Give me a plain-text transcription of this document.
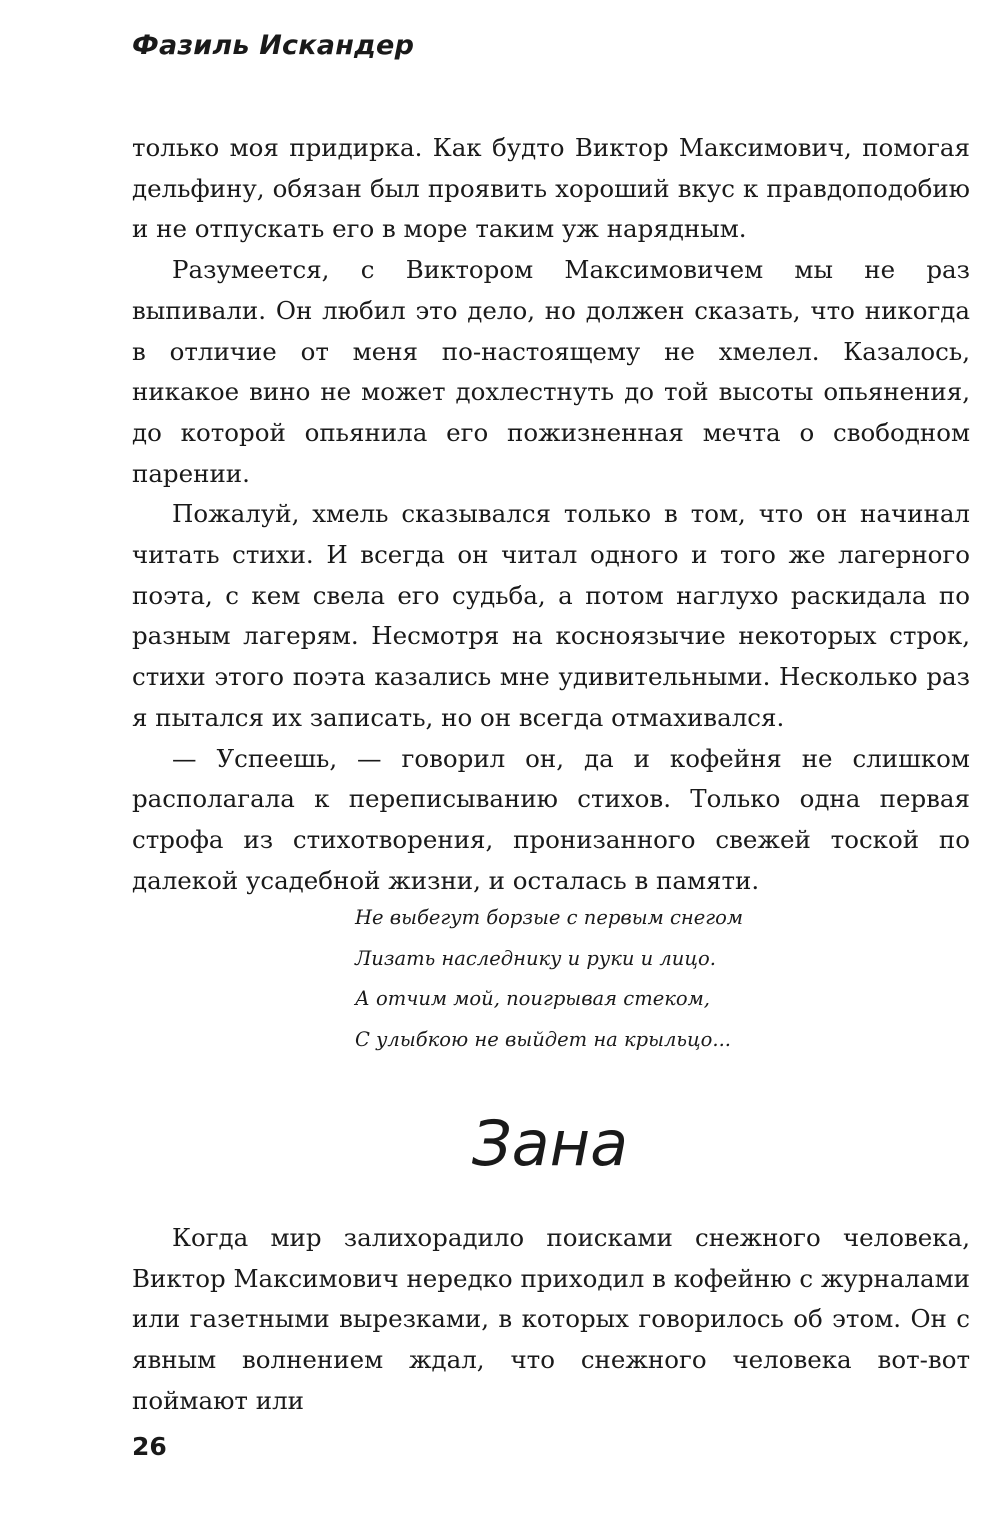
Фазиль Искандер

только моя придирка. Как будто Виктор Максимович, помогая дельфину, обязан был проявить хороший вкус к правдоподобию и не отпускать его в море таким уж нарядным.

Разумеется, с Виктором Максимовичем мы не раз выпивали. Он любил это дело, но должен сказать, что никогда в отличие от меня по-настоящему не хмелел. Казалось, никакое вино не может дохлестнуть до той высоты опьянения, до которой опьянила его пожизненная мечта о свободном парении.

Пожалуй, хмель сказывался только в том, что он начинал читать стихи. И всегда он читал одного и того же лагерного поэта, с кем свела его судьба, а потом наглухо раскидала по разным лагерям. Несмотря на косноязычие некоторых строк, стихи этого поэта казались мне удивительными. Несколько раз я пытался их записать, но он всегда отмахивался.

— Успеешь, — говорил он, да и кофейня не слишком располагала к переписыванию стихов. Только одна первая строфа из стихотворения, пронизанного свежей тоской по далекой усадебной жизни, и осталась в памяти.

Не выбегут борзые с первым снегом
Лизать наследнику и руки и лицо.
А отчим мой, поигрывая стеком,
С улыбкою не выйдет на крыльцо...
Зана

Когда мир залихорадило поисками снежного человека, Виктор Максимович нередко приходил в кофейню с журналами или газетными вырезками, в которых говорилось об этом. Он с явным волнением ждал, что снежного человека вот-вот поймают или

26
